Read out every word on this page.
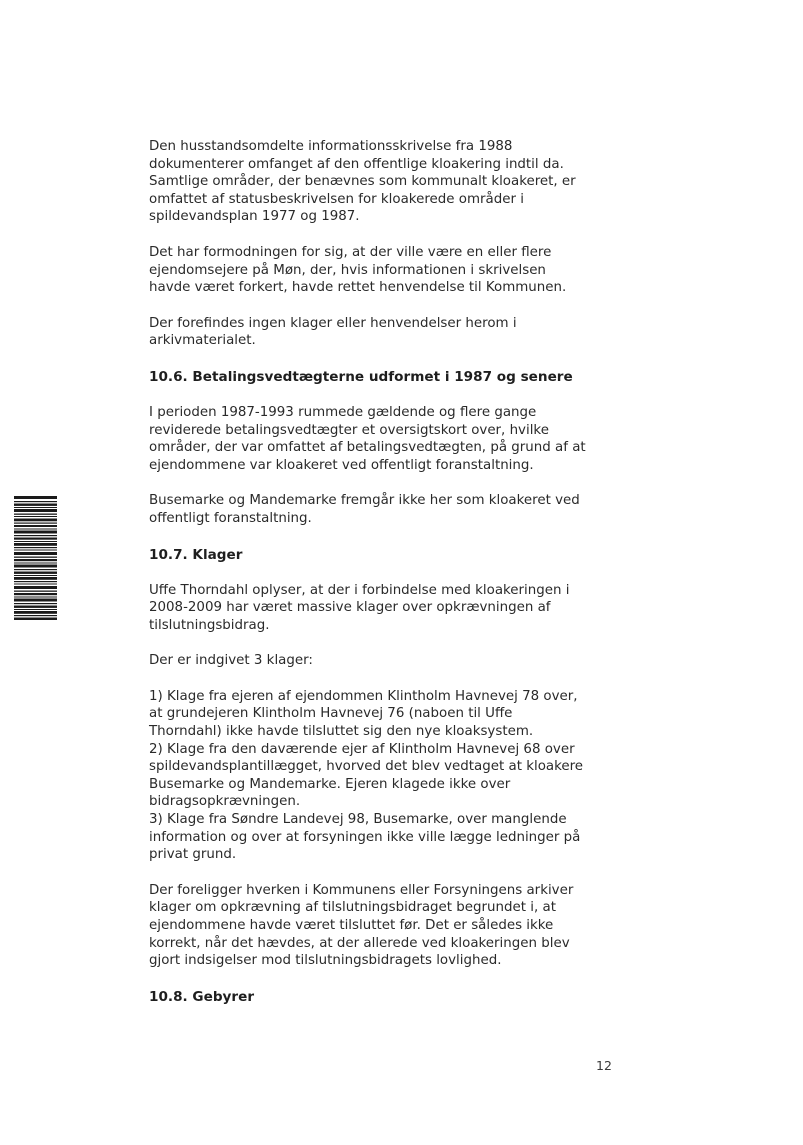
Den husstandsomdelte informationsskrivelse fra 1988
dokumenterer omfanget af den offentlige kloakering indtil da.
Samtlige områder, der benævnes som kommunalt kloakeret, er
omfattet af statusbeskrivelsen for kloakerede områder i
spildevandsplan 1977 og 1987.

Det har formodningen for sig, at der ville være en eller flere
ejendomsejere på Møn, der, hvis informationen i skrivelsen
havde været forkert, havde rettet henvendelse til Kommunen.

Der forefindes ingen klager eller henvendelser herom i
arkivmaterialet.

10.6. Betalingsvedtægterne udformet i 1987 og senere

I perioden 1987-1993 rummede gældende og flere gange
reviderede betalingsvedtægter et oversigtskort over, hvilke
områder, der var omfattet af betalingsvedtægten, på grund af at
ejendommene var kloakeret ved offentligt foranstaltning.

Busemarke og Mandemarke fremgår ikke her som kloakeret ved
offentligt foranstaltning.

10.7. Klager

Uffe Thorndahl oplyser, at der i forbindelse med kloakeringen i
2008-2009 har været massive klager over opkrævningen af
tilslutningsbidrag.

Der er indgivet 3 klager:

1) Klage fra ejeren af ejendommen Klintholm Havnevej 78 over,
at grundejeren Klintholm Havnevej 76 (naboen til Uffe
Thorndahl) ikke havde tilsluttet sig den nye kloaksystem.

2) Klage fra den daværende ejer af Klintholm Havnevej 68 over
spildevandsplantillægget, hvorved det blev vedtaget at kloakere
Busemarke og Mandemarke. Ejeren klagede ikke over
bidragsopkrævningen.

3) Klage fra Søndre Landevej 98, Busemarke, over manglende
information og over at forsyningen ikke ville lægge ledninger på
privat grund.

Der foreligger hverken i Kommunens eller Forsyningens arkiver
klager om opkrævning af tilslutningsbidraget begrundet i, at
ejendommene havde været tilsluttet før. Det er således ikke
korrekt, når det hævdes, at der allerede ved kloakeringen blev
gjort indsigelser mod tilslutningsbidragets lovlighed.

10.8. Gebyrer
12
